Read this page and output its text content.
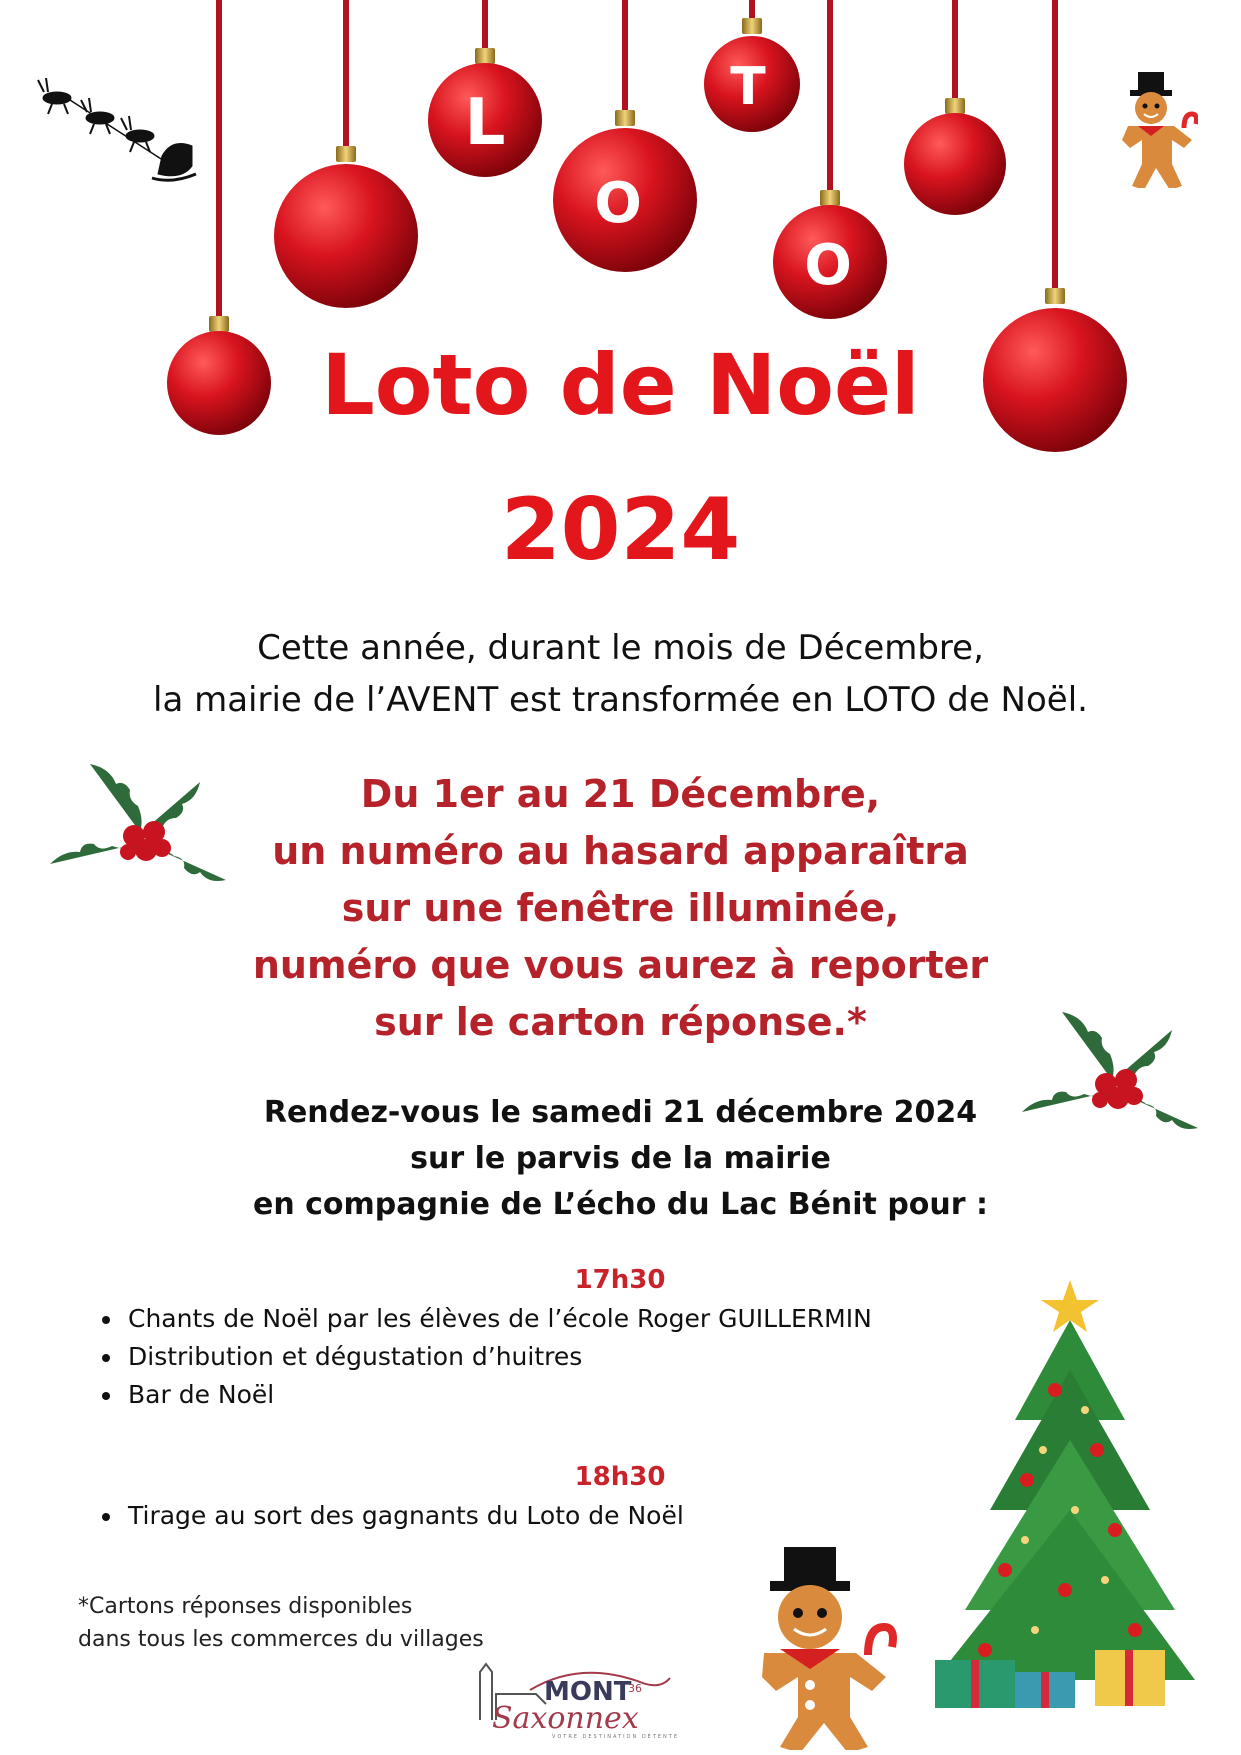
L
O
T
O
Loto de Noël
2024
Cette année, durant le mois de Décembre,
la mairie de l’AVENT est transformée en LOTO de Noël.
Du 1er au 21 Décembre,
un numéro au hasard apparaîtra
sur une fenêtre illuminée,
numéro que vous aurez à reporter
sur le carton réponse.*
Rendez-vous le samedi 21 décembre 2024
sur le parvis de la mairie
en compagnie de L’écho du Lac Bénit pour :
17h30
• Chants de Noël par les élèves de l’école Roger GUILLERMIN
• Distribution et dégustation d’huitres
• Bar de Noël
18h30
• Tirage au sort des gagnants du Loto de Noël
*Cartons réponses disponibles
dans tous les commerces du villages
MONT
36
Saxonnex
VOTRE DESTINATION DÉTENTE
